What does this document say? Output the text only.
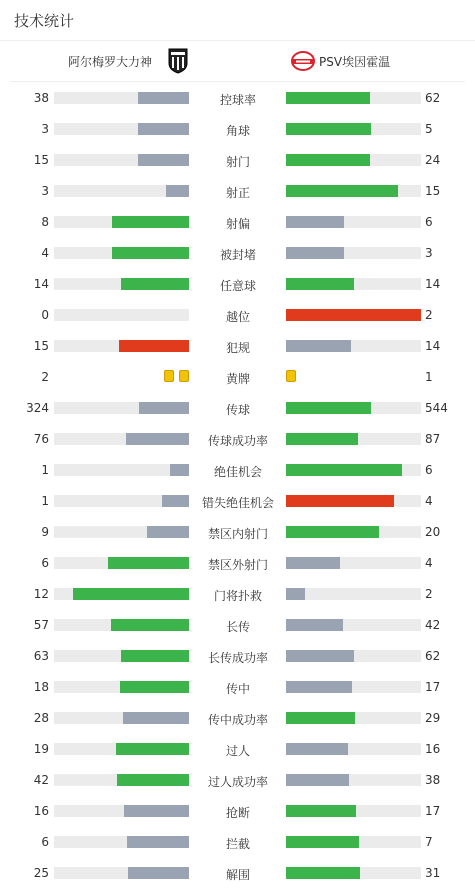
技术统计
阿尔梅罗大力神	PSV埃因霍温
38	控球率	62
3	角球	5
15	射门	24
3	射正	15
8	射偏	6
4	被封堵	3
14	任意球	14
0	越位	2
15	犯规	14
2	黄牌	1
324	传球	544
76	传球成功率	87
1	绝佳机会	6
1	错失绝佳机会	4
9	禁区内射门	20
6	禁区外射门	4
12	门将扑救	2
57	长传	42
63	长传成功率	62
18	传中	17
28	传中成功率	29
19	过人	16
42	过人成功率	38
16	抢断	17
6	拦截	7
25	解围	31
